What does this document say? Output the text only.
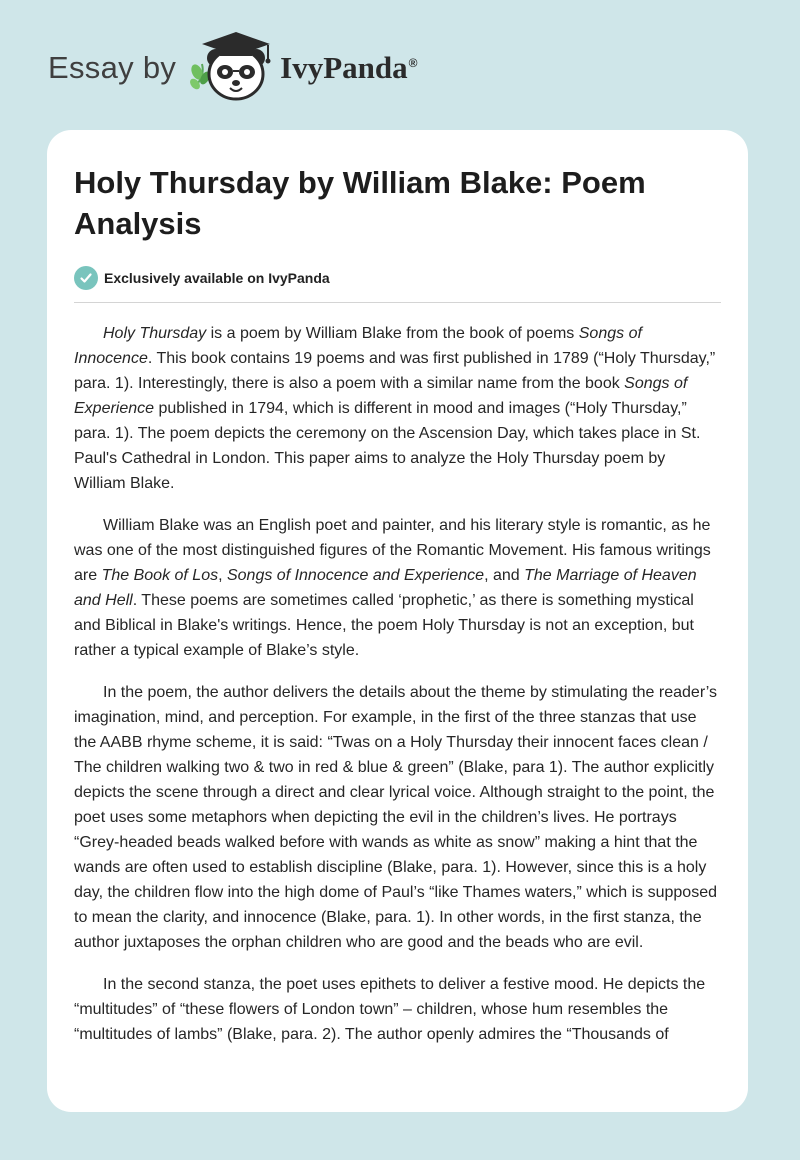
Essay by	IvyPanda®
Holy Thursday by William Blake: Poem Analysis
Exclusively available on IvyPanda

Holy Thursday is a poem by William Blake from the book of poems Songs of Innocence. This book contains 19 poems and was first published in 1789 (“Holy Thursday,” para. 1). Interestingly, there is also a poem with a similar name from the book Songs of Experience published in 1794, which is different in mood and images (“Holy Thursday,” para. 1). The poem depicts the ceremony on the Ascension Day, which takes place in St. Paul's Cathedral in London. This paper aims to analyze the Holy Thursday poem by William Blake.

William Blake was an English poet and painter, and his literary style is romantic, as he was one of the most distinguished figures of the Romantic Movement. His famous writings are The Book of Los, Songs of Innocence and Experience, and The Marriage of Heaven and Hell. These poems are sometimes called ‘prophetic,’ as there is something mystical and Biblical in Blake's writings. Hence, the poem Holy Thursday is not an exception, but rather a typical example of Blake’s style.

In the poem, the author delivers the details about the theme by stimulating the reader’s imagination, mind, and perception. For example, in the first of the three stanzas that use the AABB rhyme scheme, it is said: “Twas on a Holy Thursday their innocent faces clean / The children walking two & two in red & blue & green” (Blake, para 1). The author explicitly depicts the scene through a direct and clear lyrical voice. Although straight to the point, the poet uses some metaphors when depicting the evil in the children’s lives. He portrays “Grey-headed beads walked before with wands as white as snow” making a hint that the wands are often used to establish discipline (Blake, para. 1). However, since this is a holy day, the children flow into the high dome of Paul’s “like Thames waters,” which is supposed to mean the clarity, and innocence (Blake, para. 1). In other words, in the first stanza, the author juxtaposes the orphan children who are good and the beads who are evil.

In the second stanza, the poet uses epithets to deliver a festive mood. He depicts the “multitudes” of “these flowers of London town” – children, whose hum resembles the “multitudes of lambs” (Blake, para. 2). The author openly admires the “Thousands of
